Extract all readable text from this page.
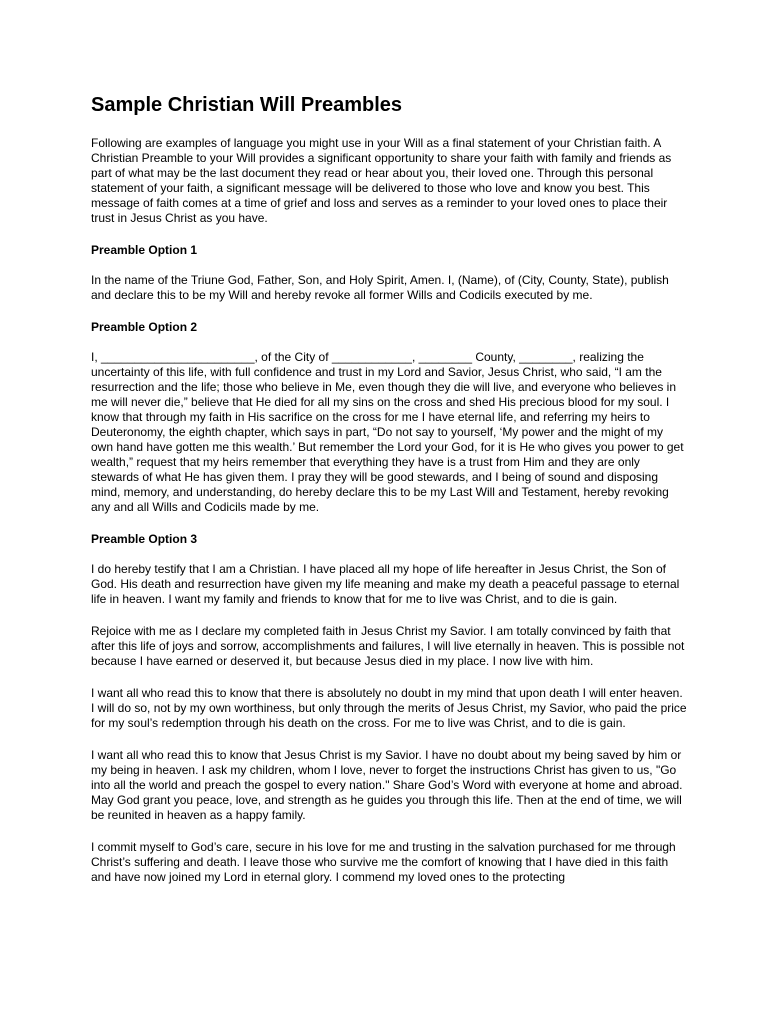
Sample Christian Will Preambles

Following are examples of language you might use in your Will as a final statement of your Christian faith. A Christian Preamble to your Will provides a significant opportunity to share your faith with family and friends as part of what may be the last document they read or hear about you, their loved one. Through this personal statement of your faith, a significant message will be delivered to those who love and know you best. This message of faith comes at a time of grief and loss and serves as a reminder to your loved ones to place their trust in Jesus Christ as you have.

Preamble Option 1

In the name of the Triune God, Father, Son, and Holy Spirit, Amen. I, (Name), of (City, County, State), publish and declare this to be my Will and hereby revoke all former Wills and Codicils executed by me.

Preamble Option 2

I, _______________________, of the City of ____________, ________ County, ________, realizing the uncertainty of this life, with full confidence and trust in my Lord and Savior, Jesus Christ, who said, “I am the resurrection and the life; those who believe in Me, even though they die will live, and everyone who believes in me will never die,” believe that He died for all my sins on the cross and shed His precious blood for my soul. I know that through my faith in His sacrifice on the cross for me I have eternal life, and referring my heirs to Deuteronomy, the eighth chapter, which says in part, “Do not say to yourself, ‘My power and the might of my own hand have gotten me this wealth.’ But remember the Lord your God, for it is He who gives you power to get wealth,” request that my heirs remember that everything they have is a trust from Him and they are only stewards of what He has given them. I pray they will be good stewards, and I being of sound and disposing mind, memory, and understanding, do hereby declare this to be my Last Will and Testament, hereby revoking any and all Wills and Codicils made by me.

Preamble Option 3

I do hereby testify that I am a Christian. I have placed all my hope of life hereafter in Jesus Christ, the Son of God. His death and resurrection have given my life meaning and make my death a peaceful passage to eternal life in heaven. I want my family and friends to know that for me to live was Christ, and to die is gain.

Rejoice with me as I declare my completed faith in Jesus Christ my Savior. I am totally convinced by faith that after this life of joys and sorrow, accomplishments and failures, I will live eternally in heaven. This is possible not because I have earned or deserved it, but because Jesus died in my place. I now live with him.

I want all who read this to know that there is absolutely no doubt in my mind that upon death I will enter heaven. I will do so, not by my own worthiness, but only through the merits of Jesus Christ, my Savior, who paid the price for my soul’s redemption through his death on the cross. For me to live was Christ, and to die is gain.

I want all who read this to know that Jesus Christ is my Savior. I have no doubt about my being saved by him or my being in heaven. I ask my children, whom I love, never to forget the instructions Christ has given to us, "Go into all the world and preach the gospel to every nation." Share God’s Word with everyone at home and abroad. May God grant you peace, love, and strength as he guides you through this life. Then at the end of time, we will be reunited in heaven as a happy family.

I commit myself to God’s care, secure in his love for me and trusting in the salvation purchased for me through Christ’s suffering and death. I leave those who survive me the comfort of knowing that I have died in this faith and have now joined my Lord in eternal glory. I commend my loved ones to the protecting
